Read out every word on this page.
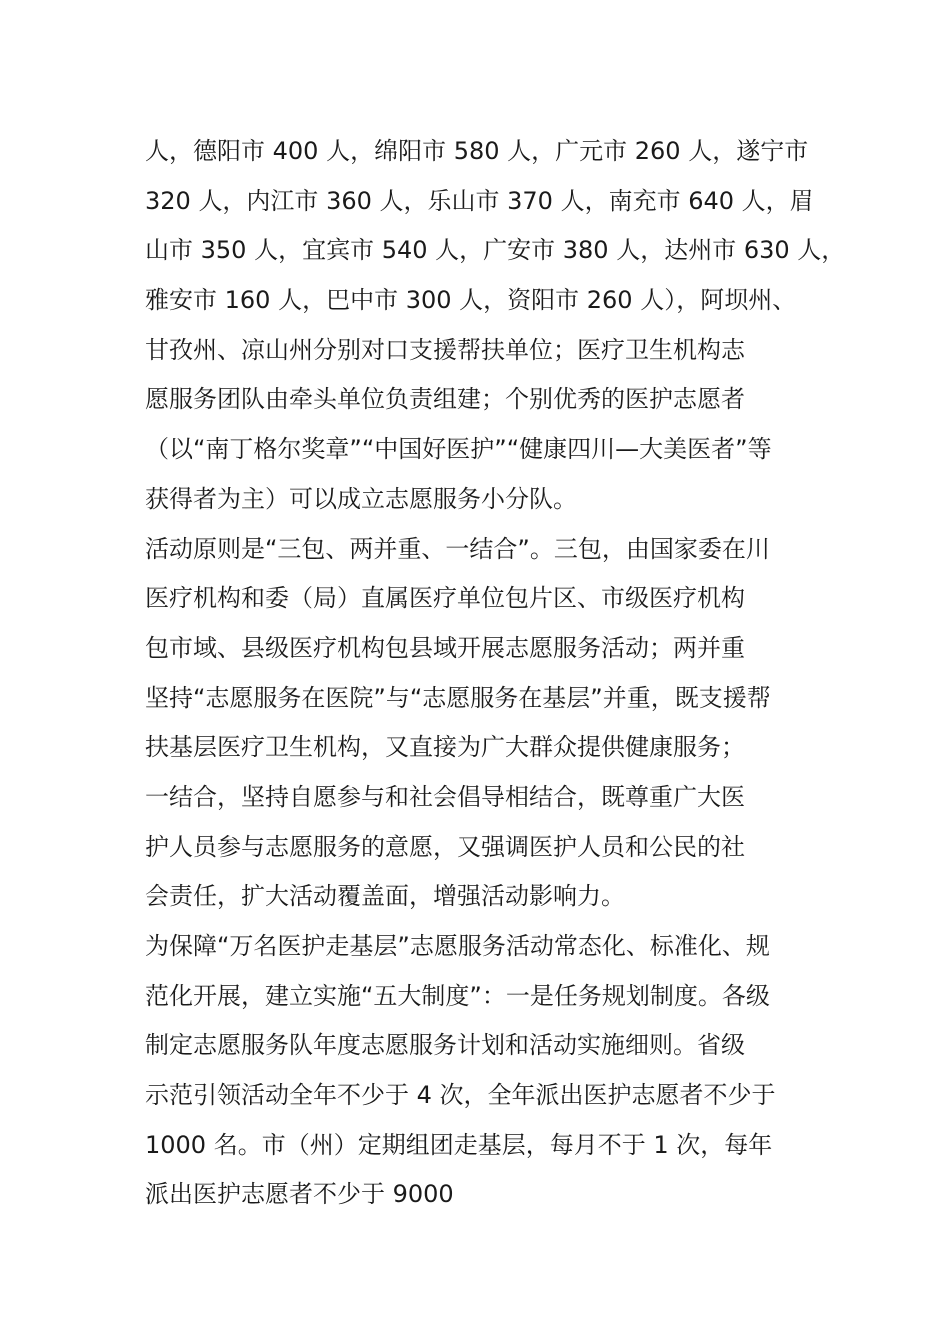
人，德阳市 400 人，绵阳市 580 人，广元市 260 人，遂宁市
320 人，内江市 360 人，乐山市 370 人，南充市 640 人，眉
山市 350 人，宜宾市 540 人，广安市 380 人，达州市 630 人，
雅安市 160 人，巴中市 300 人，资阳市 260 人），阿坝州、
甘孜州、凉山州分别对口支援帮扶单位；医疗卫生机构志
愿服务团队由牵头单位负责组建；个别优秀的医护志愿者
（以“南丁格尔奖章”“中国好医护”“健康四川—大美医者”等
获得者为主）可以成立志愿服务小分队。
活动原则是“三包、两并重、一结合”。三包，由国家委在川
医疗机构和委（局）直属医疗单位包片区、市级医疗机构
包市域、县级医疗机构包县域开展志愿服务活动；两并重
坚持“志愿服务在医院”与“志愿服务在基层”并重，既支援帮
扶基层医疗卫生机构，又直接为广大群众提供健康服务；
一结合，坚持自愿参与和社会倡导相结合，既尊重广大医
护人员参与志愿服务的意愿，又强调医护人员和公民的社
会责任，扩大活动覆盖面，增强活动影响力。
为保障“万名医护走基层”志愿服务活动常态化、标准化、规
范化开展，建立实施“五大制度”：一是任务规划制度。各级
制定志愿服务队年度志愿服务计划和活动实施细则。省级
示范引领活动全年不少于 4 次，全年派出医护志愿者不少于
1000 名。市（州）定期组团走基层，每月不于 1 次，每年
派出医护志愿者不少于 9000
